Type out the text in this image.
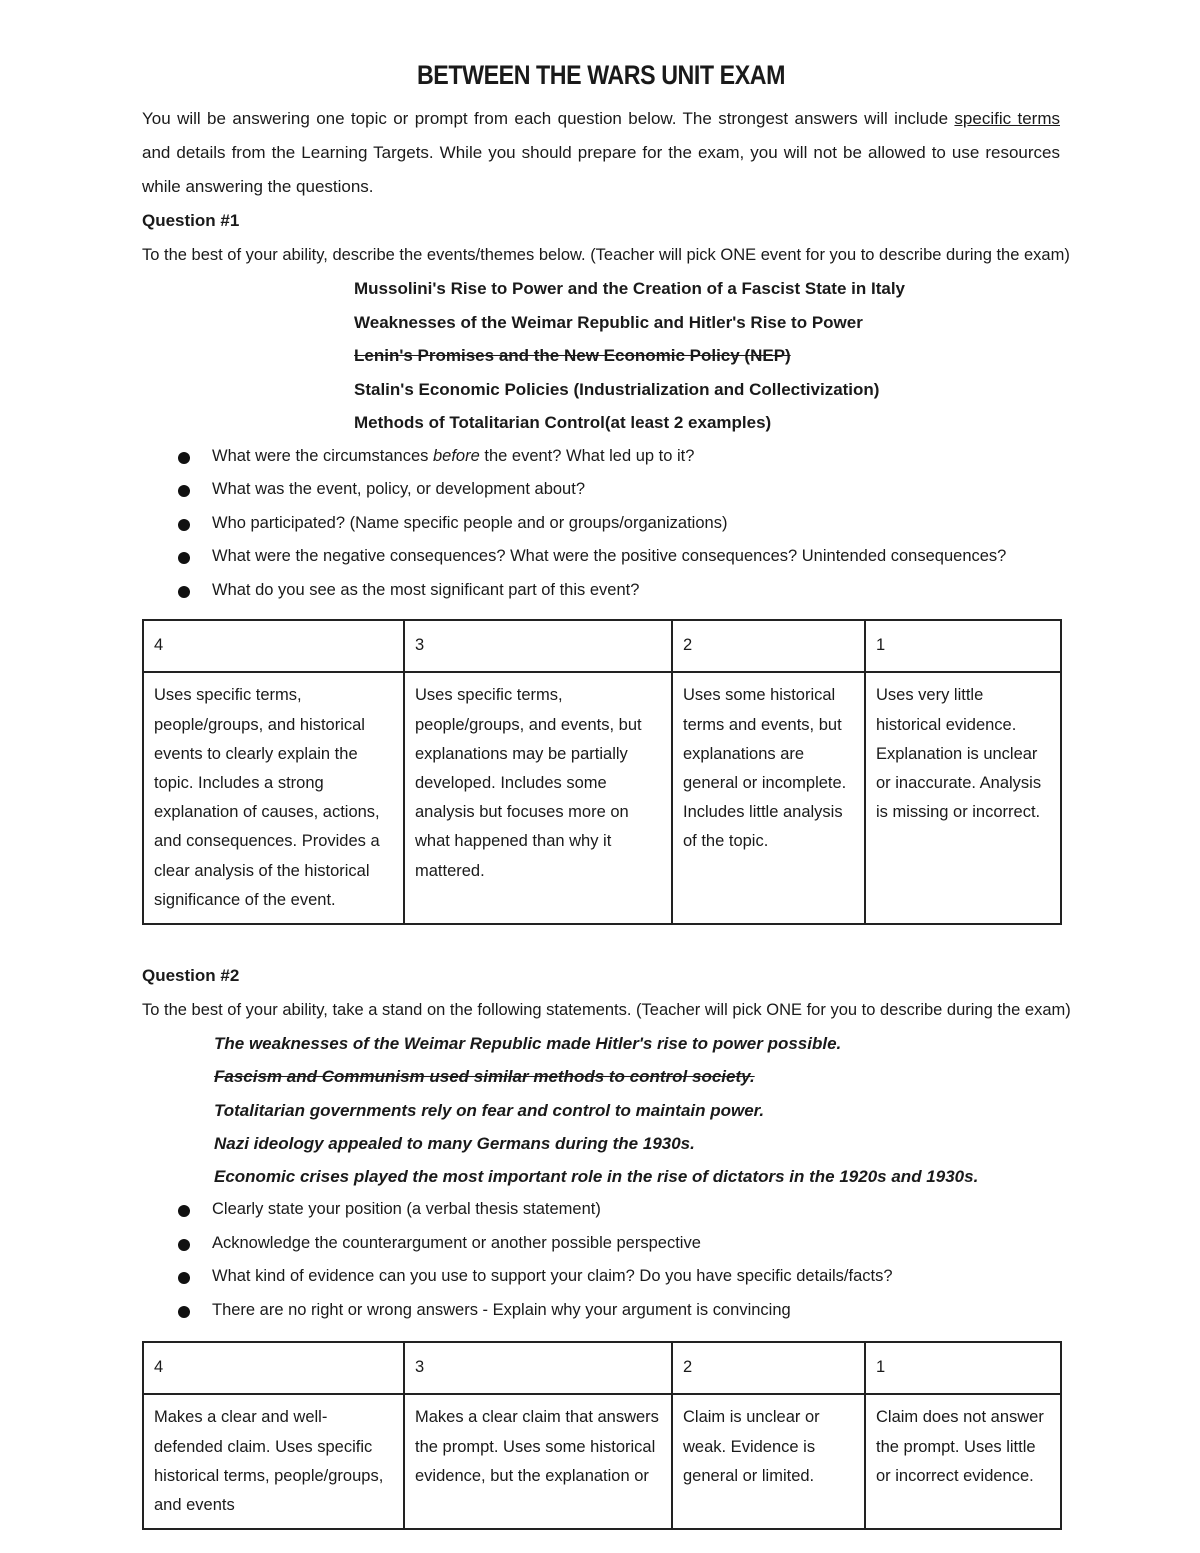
BETWEEN THE WARS UNIT EXAM
You will be answering one topic or prompt from each question below. The strongest answers will include specific terms and details from the Learning Targets. While you should prepare for the exam, you will not be allowed to use resources while answering the questions.
Question #1
To the best of your ability, describe the events/themes below. (Teacher will pick ONE event for you to describe during the exam)
Mussolini's Rise to Power and the Creation of a Fascist State in Italy
Weaknesses of the Weimar Republic and Hitler's Rise to Power
Lenin's Promises and the New Economic Policy (NEP)
Stalin's Economic Policies (Industrialization and Collectivization)
Methods of Totalitarian Control(at least 2 examples)
What were the circumstances before the event? What led up to it?
What was the event, policy, or development about?
Who participated? (Name specific people and or groups/organizations)
What were the negative consequences? What were the positive consequences? Unintended consequences?
What do you see as the most significant part of this event?
4	3	2	1
Uses specific terms, people/groups, and historical events to clearly explain the topic. Includes a strong explanation of causes, actions, and consequences. Provides a clear analysis of the historical significance of the event.	Uses specific terms, people/groups, and events, but explanations may be partially developed. Includes some analysis but focuses more on what happened than why it mattered.	Uses some historical terms and events, but explanations are general or incomplete. Includes little analysis of the topic.	Uses very little historical evidence. Explanation is unclear or inaccurate. Analysis is missing or incorrect.
Question #2
To the best of your ability, take a stand on the following statements. (Teacher will pick ONE for you to describe during the exam)
The weaknesses of the Weimar Republic made Hitler's rise to power possible.
Fascism and Communism used similar methods to control society.
Totalitarian governments rely on fear and control to maintain power.
Nazi ideology appealed to many Germans during the 1930s.
Economic crises played the most important role in the rise of dictators in the 1920s and 1930s.
Clearly state your position (a verbal thesis statement)
Acknowledge the counterargument or another possible perspective
What kind of evidence can you use to support your claim? Do you have specific details/facts?
There are no right or wrong answers - Explain why your argument is convincing
4	3	2	1
Makes a clear and well-defended claim. Uses specific historical terms, people/groups, and events	Makes a clear claim that answers the prompt. Uses some historical evidence, but the explanation or	Claim is unclear or weak. Evidence is general or limited.	Claim does not answer the prompt. Uses little or incorrect evidence.
